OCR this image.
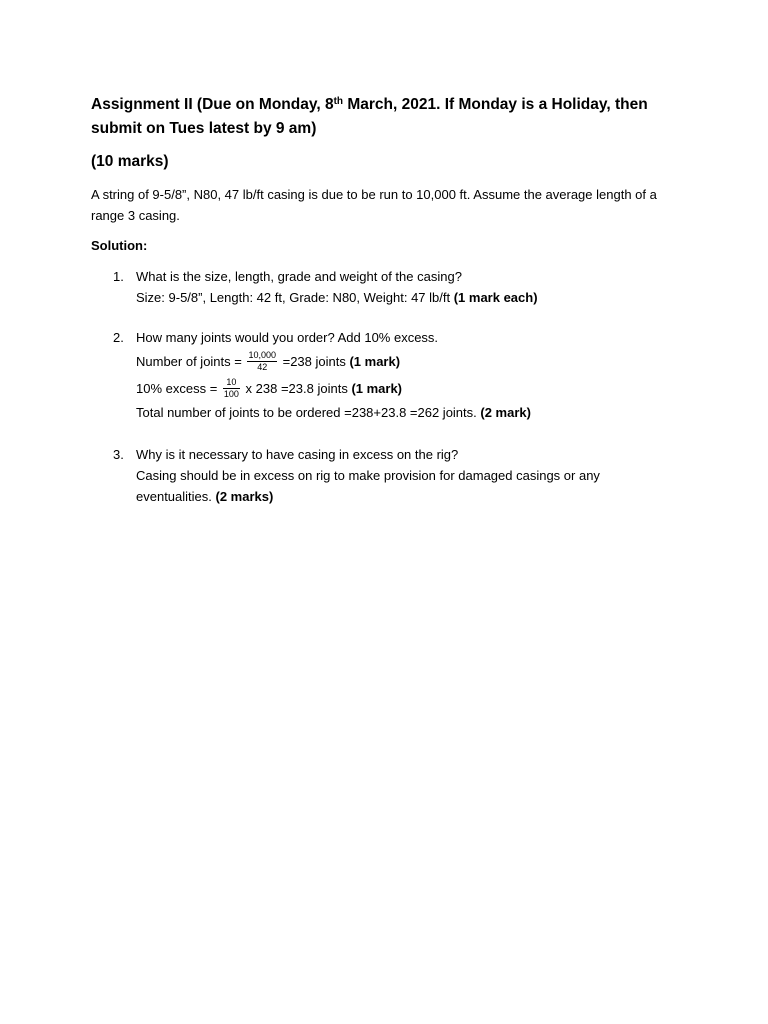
Assignment II (Due on Monday, 8th March, 2021. If Monday is a Holiday, then submit on Tues latest by 9 am)

(10 marks)

A string of 9-5/8”, N80, 47 lb/ft casing is due to be run to 10,000 ft. Assume the average length of a range 3 casing.

Solution:

1. What is the size, length, grade and weight of the casing?
Size: 9-5/8”, Length: 42 ft, Grade: N80, Weight: 47 lb/ft (1 mark each)
2. How many joints would you order? Add 10% excess.
Number of joints = $\frac{10,000}{42} =238$ joints (1 mark)
10% excess = $\frac{10}{100}$ x 238 =23.8 joints (1 mark)
Total number of joints to be ordered =238+23.8 =262 joints. (2 mark)
3. Why is it necessary to have casing in excess on the rig?
Casing should be in excess on rig to make provision for damaged casings or any
eventualities. (2 marks)
